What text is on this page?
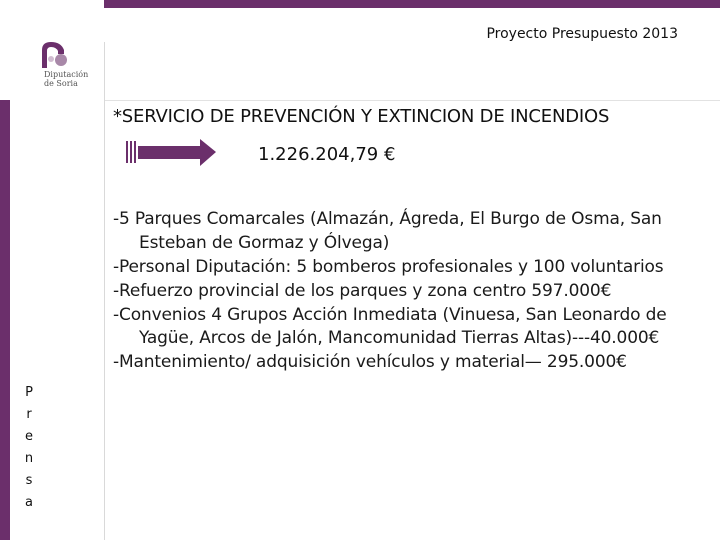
Proyecto Presupuesto 2013
Diputación
de Soria
P
r
e
n
s
a
*SERVICIO DE PREVENCIÓN Y EXTINCION DE INCENDIOS
1.226.204,79 €
-5 Parques Comarcales (Almazán, Ágreda, El Burgo de Osma, San Esteban de Gormaz y Ólvega)
-Personal Diputación: 5 bomberos profesionales y 100 voluntarios
-Refuerzo provincial de los parques y zona centro 597.000€
-Convenios 4 Grupos Acción Inmediata (Vinuesa, San Leonardo de Yagüe, Arcos de Jalón, Mancomunidad Tierras Altas)---40.000€
-Mantenimiento/ adquisición vehículos y material— 295.000€
